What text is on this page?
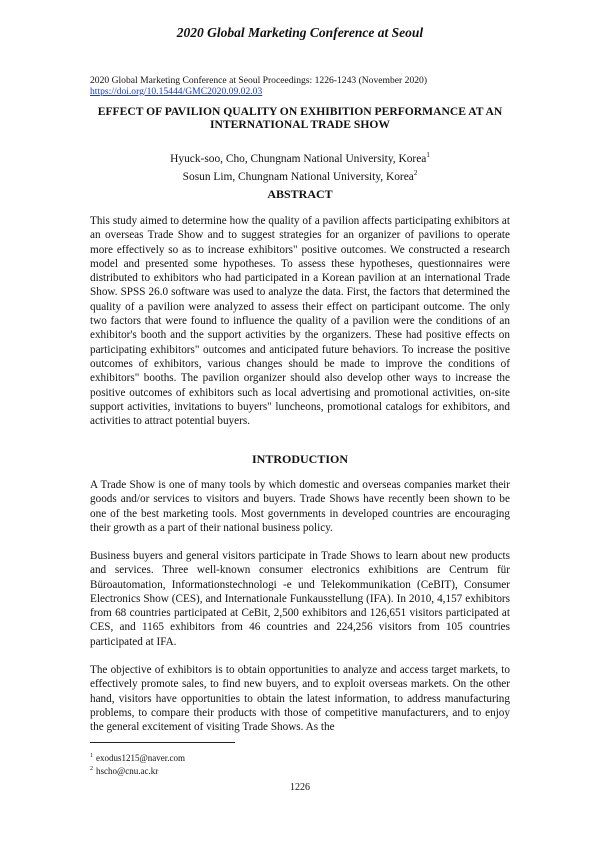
2020 Global Marketing Conference at Seoul
2020 Global Marketing Conference at Seoul Proceedings: 1226-1243 (November 2020)
https://doi.org/10.15444/GMC2020.09.02.03
EFFECT OF PAVILION QUALITY ON EXHIBITION PERFORMANCE AT AN INTERNATIONAL TRADE SHOW
Hyuck-soo, Cho, Chungnam National University, Korea$^1$
Sosun Lim, Chungnam National University, Korea$^2$
ABSTRACT
This study aimed to determine how the quality of a pavilion affects participating exhibitors at an overseas Trade Show and to suggest strategies for an organizer of pavilions to operate more effectively so as to increase exhibitors" positive outcomes. We constructed a research model and presented some hypotheses. To assess these hypotheses, questionnaires were distributed to exhibitors who had participated in a Korean pavilion at an international Trade Show. SPSS 26.0 software was used to analyze the data. First, the factors that determined the quality of a pavilion were analyzed to assess their effect on participant outcome. The only two factors that were found to influence the quality of a pavilion were the conditions of an exhibitor's booth and the support activities by the organizers. These had positive effects on participating exhibitors" outcomes and anticipated future behaviors. To increase the positive outcomes of exhibitors, various changes should be made to improve the conditions of exhibitors" booths. The pavilion organizer should also develop other ways to increase the positive outcomes of exhibitors such as local advertising and promotional activities, on-site support activities, invitations to buyers" luncheons, promotional catalogs for exhibitors, and activities to attract potential buyers.
INTRODUCTION
A Trade Show is one of many tools by which domestic and overseas companies market their goods and/or services to visitors and buyers. Trade Shows have recently been shown to be one of the best marketing tools. Most governments in developed countries are encouraging their growth as a part of their national business policy.
Business buyers and general visitors participate in Trade Shows to learn about new products and services. Three well-known consumer electronics exhibitions are Centrum für Büroautomation, Informationstechnologi -e und Telekommunikation (CeBIT), Consumer Electronics Show (CES), and Internationale Funkausstellung (IFA). In 2010, 4,157 exhibitors from 68 countries participated at CeBit, 2,500 exhibitors and 126,651 visitors participated at CES, and 1165 exhibitors from 46 countries and 224,256 visitors from 105 countries participated at IFA.
The objective of exhibitors is to obtain opportunities to analyze and access target markets, to effectively promote sales, to find new buyers, and to exploit overseas markets. On the other hand, visitors have opportunities to obtain the latest information, to address manufacturing problems, to compare their products with those of competitive manufacturers, and to enjoy the general excitement of visiting Trade Shows. As the
$^1$ exodus1215@naver.com
$^2$ hscho@cnu.ac.kr
1226
